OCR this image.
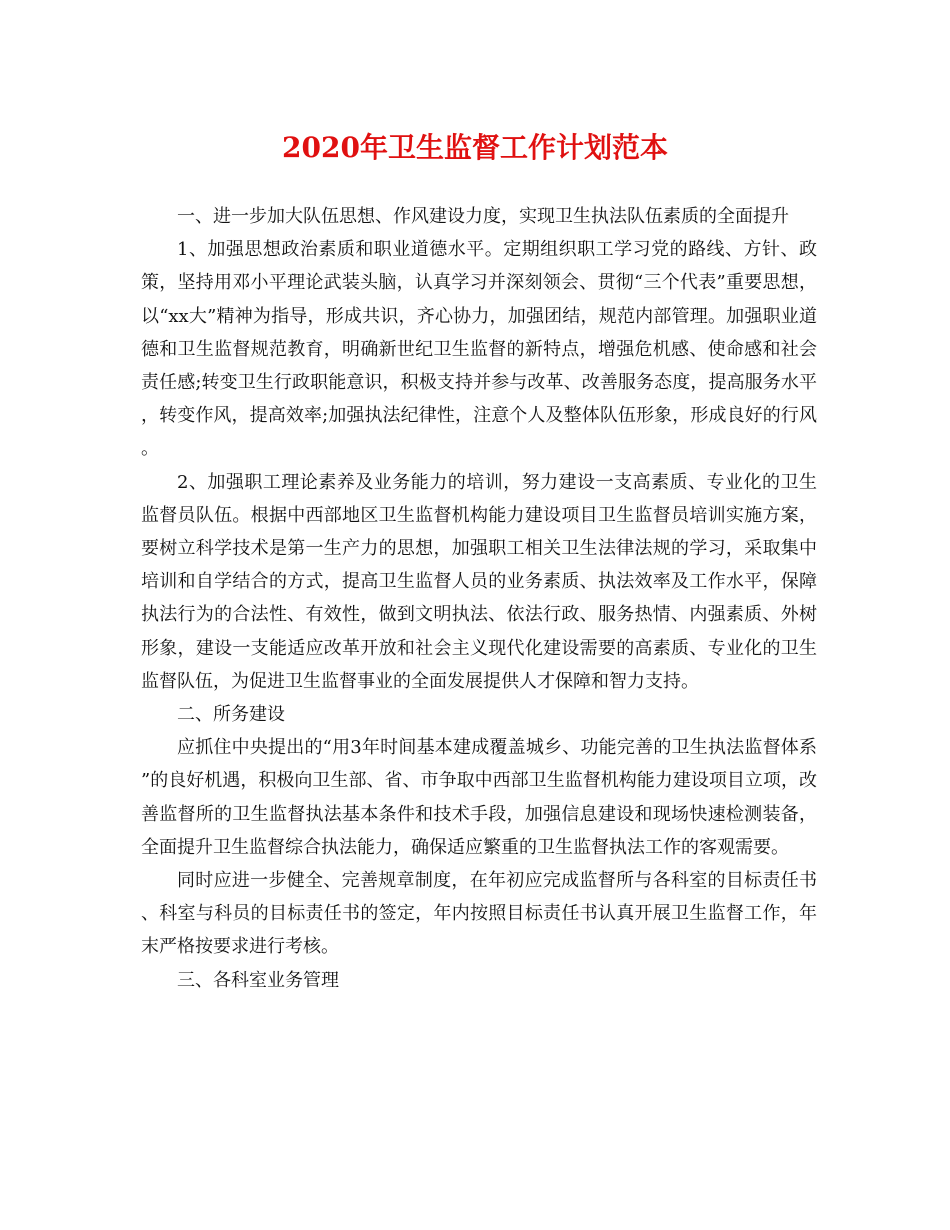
2020年卫生监督工作计划范本

一、进一步加大队伍思想、作风建设力度，实现卫生执法队伍素质的全面提升

1、加强思想政治素质和职业道德水平。定期组织职工学习党的路线、方针、政策，坚持用邓小平理论武装头脑，认真学习并深刻领会、贯彻“三个代表”重要思想，以“xx大”精神为指导，形成共识，齐心协力，加强团结，规范内部管理。加强职业道德和卫生监督规范教育，明确新世纪卫生监督的新特点，增强危机感、使命感和社会责任感;转变卫生行政职能意识，积极支持并参与改革、改善服务态度，提高服务水平，转变作风，提高效率;加强执法纪律性，注意个人及整体队伍形象，形成良好的行风。

2、加强职工理论素养及业务能力的培训，努力建设一支高素质、专业化的卫生监督员队伍。根据中西部地区卫生监督机构能力建设项目卫生监督员培训实施方案，要树立科学技术是第一生产力的思想，加强职工相关卫生法律法规的学习，采取集中培训和自学结合的方式，提高卫生监督人员的业务素质、执法效率及工作水平，保障执法行为的合法性、有效性，做到文明执法、依法行政、服务热情、内强素质、外树形象，建设一支能适应改革开放和社会主义现代化建设需要的高素质、专业化的卫生监督队伍，为促进卫生监督事业的全面发展提供人才保障和智力支持。

二、所务建设

应抓住中央提出的“用3年时间基本建成覆盖城乡、功能完善的卫生执法监督体系”的良好机遇，积极向卫生部、省、市争取中西部卫生监督机构能力建设项目立项，改善监督所的卫生监督执法基本条件和技术手段，加强信息建设和现场快速检测装备，全面提升卫生监督综合执法能力，确保适应繁重的卫生监督执法工作的客观需要。

同时应进一步健全、完善规章制度，在年初应完成监督所与各科室的目标责任书、科室与科员的目标责任书的签定，年内按照目标责任书认真开展卫生监督工作，年末严格按要求进行考核。

三、各科室业务管理
